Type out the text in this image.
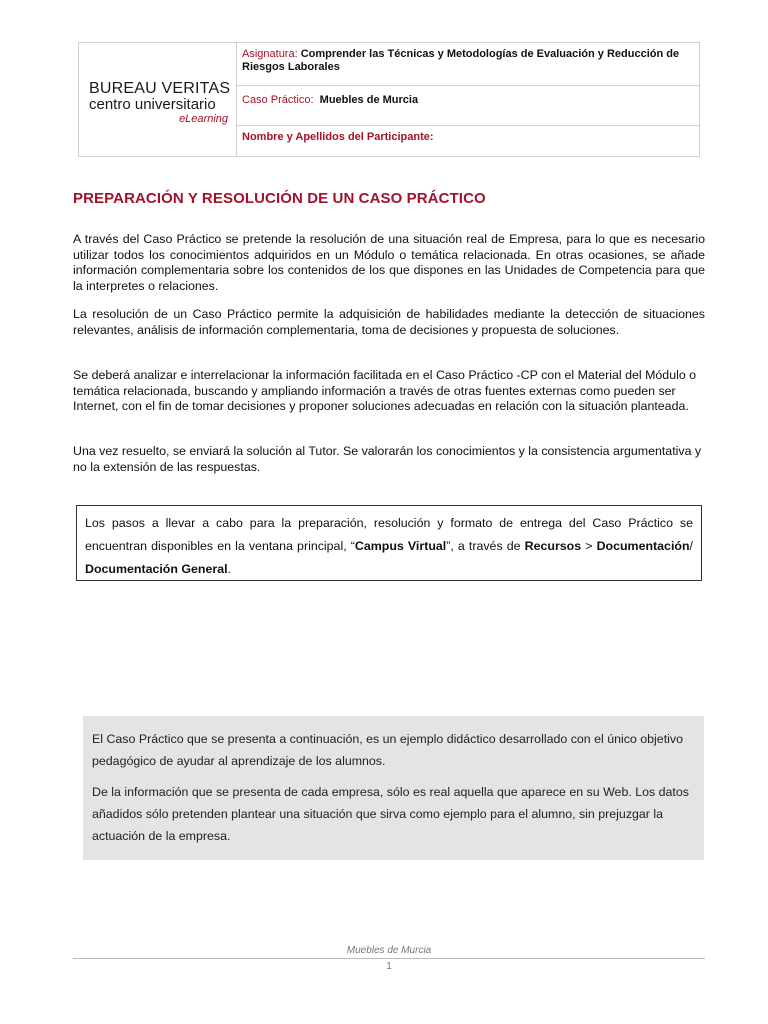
BUREAU VERITAS
centro universitario
eLearning
	Asignatura: Comprender las Técnicas y Metodologías de Evaluación y Reducción de Riesgos Laborales
Caso Práctico: Muebles de Murcia
Nombre y Apellidos del Participante:
PREPARACIÓN Y RESOLUCIÓN DE UN CASO PRÁCTICO

A través del Caso Práctico se pretende la resolución de una situación real de Empresa, para lo que es necesario utilizar todos los conocimientos adquiridos en un Módulo o temática relacionada. En otras ocasiones, se añade información complementaria sobre los contenidos de los que dispones en las Unidades de Competencia para que la interpretes o relaciones.

La resolución de un Caso Práctico permite la adquisición de habilidades mediante la detección de situaciones relevantes, análisis de información complementaria, toma de decisiones y propuesta de soluciones.

Se deberá analizar e interrelacionar la información facilitada en el Caso Práctico -CP con el Material del Módulo o temática relacionada, buscando y ampliando información a través de otras fuentes externas como pueden ser Internet, con el fin de tomar decisiones y proponer soluciones adecuadas en relación con la situación planteada.

Una vez resuelto, se enviará la solución al Tutor. Se valorarán los conocimientos y la consistencia argumentativa y no la extensión de las respuestas.

Los pasos a llevar a cabo para la preparación, resolución y formato de entrega del Caso Práctico se encuentran disponibles en la ventana principal, “Campus Virtual”, a través de Recursos > Documentación/ Documentación General.

El Caso Práctico que se presenta a continuación, es un ejemplo didáctico desarrollado con el único objetivo pedagógico de ayudar al aprendizaje de los alumnos.

De la información que se presenta de cada empresa, sólo es real aquella que aparece en su Web. Los datos añadidos sólo pretenden plantear una situación que sirva como ejemplo para el alumno, sin prejuzgar la actuación de la empresa.

Muebles de Murcia
1
